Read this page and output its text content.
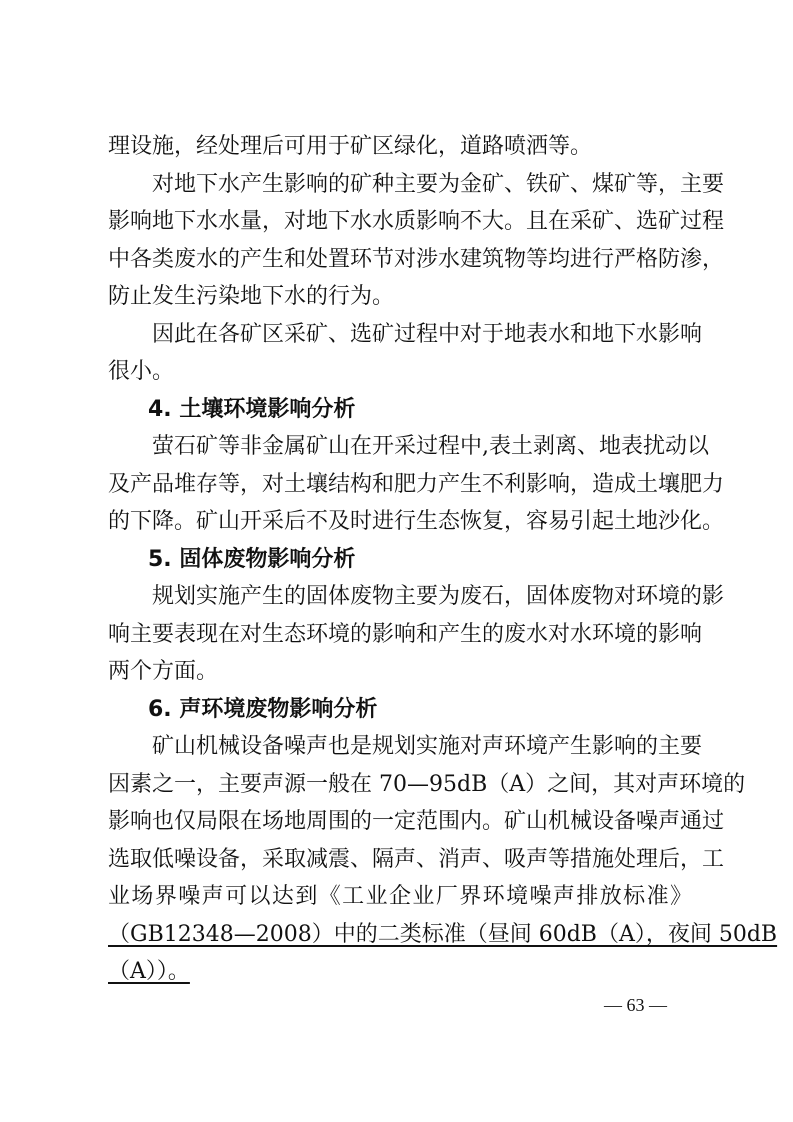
理设施，经处理后可用于矿区绿化，道路喷洒等。
对地下水产生影响的矿种主要为金矿、铁矿、煤矿等，主要
影响地下水水量，对地下水水质影响不大。且在采矿、选矿过程
中各类废水的产生和处置环节对涉水建筑物等均进行严格防渗，
防止发生污染地下水的行为。
因此在各矿区采矿、选矿过程中对于地表水和地下水影响
很小。
4. 土壤环境影响分析
萤石矿等非金属矿山在开采过程中,表土剥离、地表扰动以
及产品堆存等，对土壤结构和肥力产生不利影响，造成土壤肥力
的下降。矿山开采后不及时进行生态恢复，容易引起土地沙化。
5. 固体废物影响分析
规划实施产生的固体废物主要为废石，固体废物对环境的影
响主要表现在对生态环境的影响和产生的废水对水环境的影响
两个方面。
6. 声环境废物影响分析
矿山机械设备噪声也是规划实施对声环境产生影响的主要
因素之一，主要声源一般在 70—95dB（A）之间，其对声环境的
影响也仅局限在场地周围的一定范围内。矿山机械设备噪声通过
选取低噪设备，采取减震、隔声、消声、吸声等措施处理后，工
业场界噪声可以达到《工业企业厂界环境噪声排放标准》
（GB12348—2008）中的二类标准（昼间 60dB（A），夜间 50dB
（A））。
— 63 —
